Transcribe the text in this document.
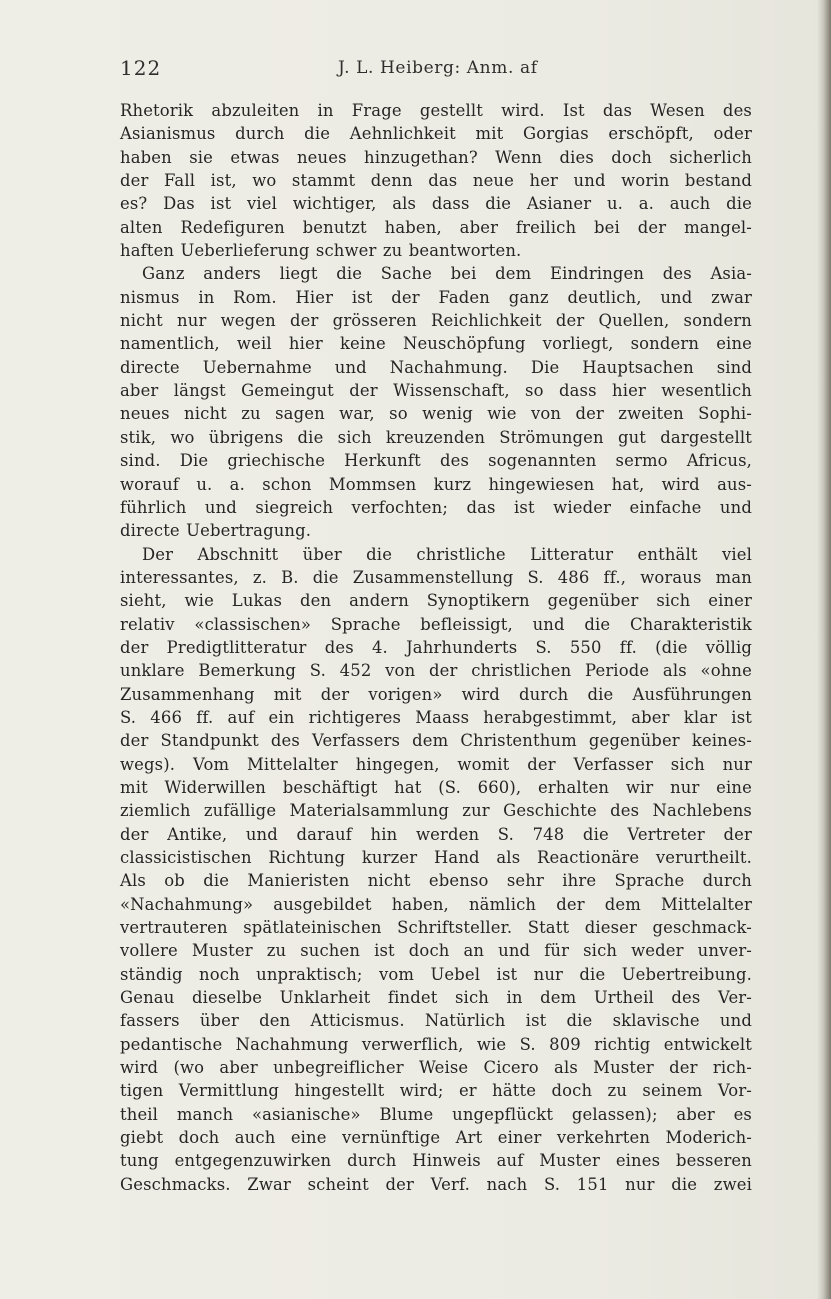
122	J. L. Heiberg: Anm. af

Rhetorik abzuleiten in Frage gestellt wird. Ist das Wesen des

Asianismus durch die Aehnlichkeit mit Gorgias erschöpft, oder

haben sie etwas neues hinzugethan? Wenn dies doch sicherlich

der Fall ist, wo stammt denn das neue her und worin bestand

es? Das ist viel wichtiger, als dass die Asianer u. a. auch die

alten Redefiguren benutzt haben, aber freilich bei der mangel-

haften Ueberlieferung schwer zu beantworten.

Ganz anders liegt die Sache bei dem Eindringen des Asia-

nismus in Rom. Hier ist der Faden ganz deutlich, und zwar

nicht nur wegen der grösseren Reichlichkeit der Quellen, sondern

namentlich, weil hier keine Neuschöpfung vorliegt, sondern eine

directe Uebernahme und Nachahmung. Die Hauptsachen sind

aber längst Gemeingut der Wissenschaft, so dass hier wesentlich

neues nicht zu sagen war, so wenig wie von der zweiten Sophi-

stik, wo übrigens die sich kreuzenden Strömungen gut dargestellt

sind. Die griechische Herkunft des sogenannten sermo Africus,

worauf u. a. schon Mommsen kurz hingewiesen hat, wird aus-

führlich und siegreich verfochten; das ist wieder einfache und

directe Uebertragung.

Der Abschnitt über die christliche Litteratur enthält viel

interessantes, z. B. die Zusammenstellung S. 486 ff., woraus man

sieht, wie Lukas den andern Synoptikern gegenüber sich einer

relativ «classischen» Sprache befleissigt, und die Charakteristik

der Predigtlitteratur des 4. Jahrhunderts S. 550 ff. (die völlig

unklare Bemerkung S. 452 von der christlichen Periode als «ohne

Zusammenhang mit der vorigen» wird durch die Ausführungen

S. 466 ff. auf ein richtigeres Maass herabgestimmt, aber klar ist

der Standpunkt des Verfassers dem Christenthum gegenüber keines-

wegs). Vom Mittelalter hingegen, womit der Verfasser sich nur

mit Widerwillen beschäftigt hat (S. 660), erhalten wir nur eine

ziemlich zufällige Materialsammlung zur Geschichte des Nachlebens

der Antike, und darauf hin werden S. 748 die Vertreter der

classicistischen Richtung kurzer Hand als Reactionäre verurtheilt.

Als ob die Manieristen nicht ebenso sehr ihre Sprache durch

«Nachahmung» ausgebildet haben, nämlich der dem Mittelalter

vertrauteren spätlateinischen Schriftsteller. Statt dieser geschmack-

vollere Muster zu suchen ist doch an und für sich weder unver-

ständig noch unpraktisch; vom Uebel ist nur die Uebertreibung.

Genau dieselbe Unklarheit findet sich in dem Urtheil des Ver-

fassers über den Atticismus. Natürlich ist die sklavische und

pedantische Nachahmung verwerflich, wie S. 809 richtig entwickelt

wird (wo aber unbegreiflicher Weise Cicero als Muster der rich-

tigen Vermittlung hingestellt wird; er hätte doch zu seinem Vor-

theil manch «asianische» Blume ungepflückt gelassen); aber es

giebt doch auch eine vernünftige Art einer verkehrten Moderich-

tung entgegenzuwirken durch Hinweis auf Muster eines besseren

Geschmacks. Zwar scheint der Verf. nach S. 151 nur die zwei
